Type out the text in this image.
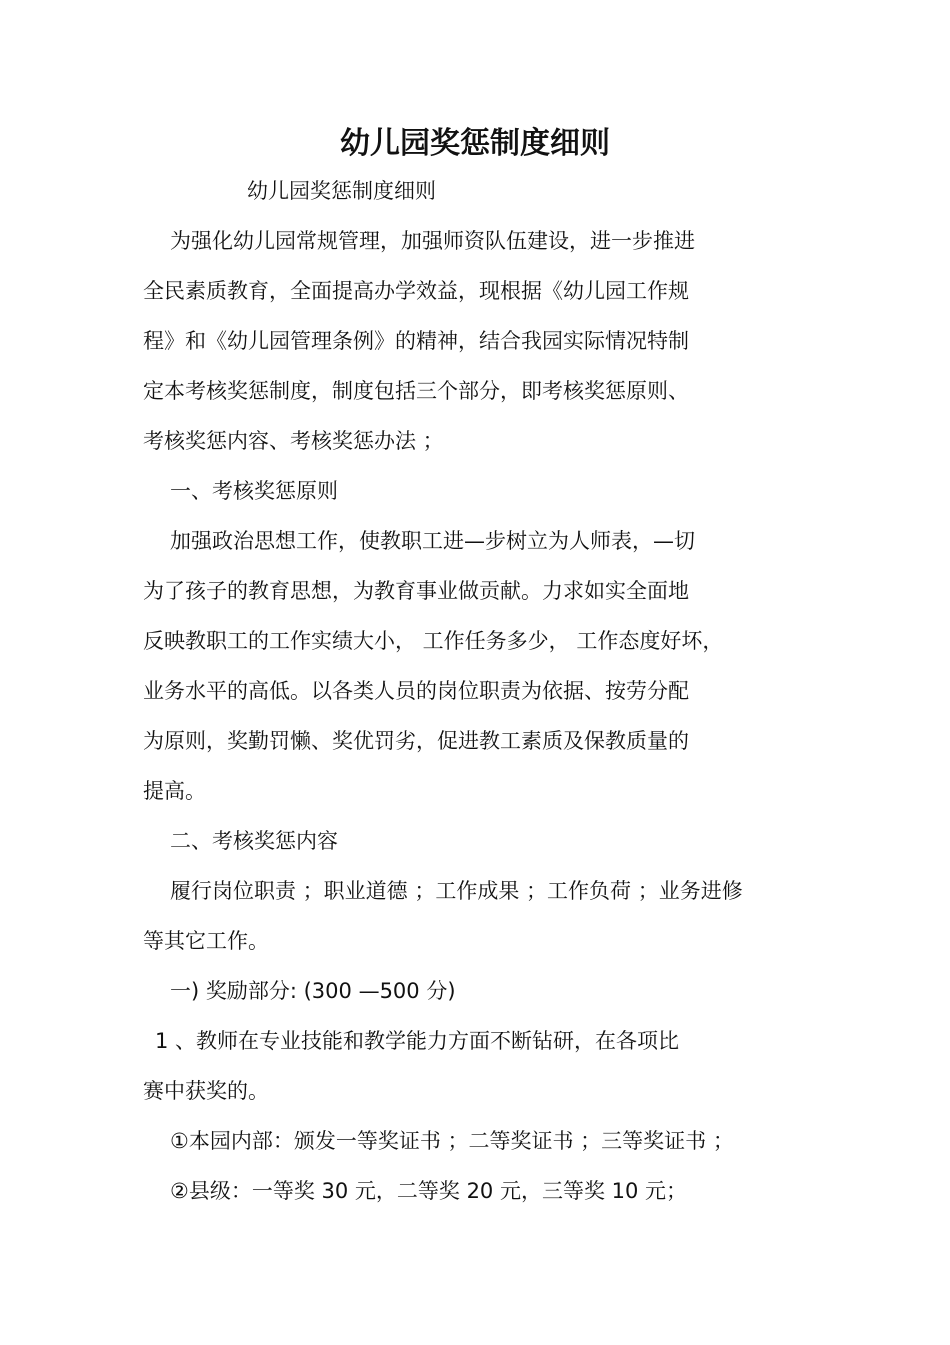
幼儿园奖惩制度细则

幼儿园奖惩制度细则

为强化幼儿园常规管理，加强师资队伍建设，进一步推进

全民素质教育，全面提高办学效益，现根据《幼儿园工作规

程》和《幼儿园管理条例》的精神，结合我园实际情况特制

定本考核奖惩制度，制度包括三个部分，即考核奖惩原则、

考核奖惩内容、考核奖惩办法 ；

一、考核奖惩原则

加强政治思想工作，使教职工进—步树立为人师表，—切

为了孩子的教育思想，为教育事业做贡献。力求如实全面地

反映教职工的工作实绩大小， 工作任务多少， 工作态度好坏，

业务水平的高低。以各类人员的岗位职责为依据、按劳分配

为原则，奖勤罚懒、奖优罚劣，促进教工素质及保教质量的

提高。

二、考核奖惩内容

履行岗位职责 ；职业道德 ；工作成果 ；工作负荷 ；业务进修

等其它工作。

一) 奖励部分: (300 —500 分)

1 、教师在专业技能和教学能力方面不断钻研，在各项比

赛中获奖的。

①本园内部：颁发一等奖证书 ；二等奖证书 ；三等奖证书 ；

②县级：一等奖 30 元，二等奖 20 元，三等奖 10 元；
